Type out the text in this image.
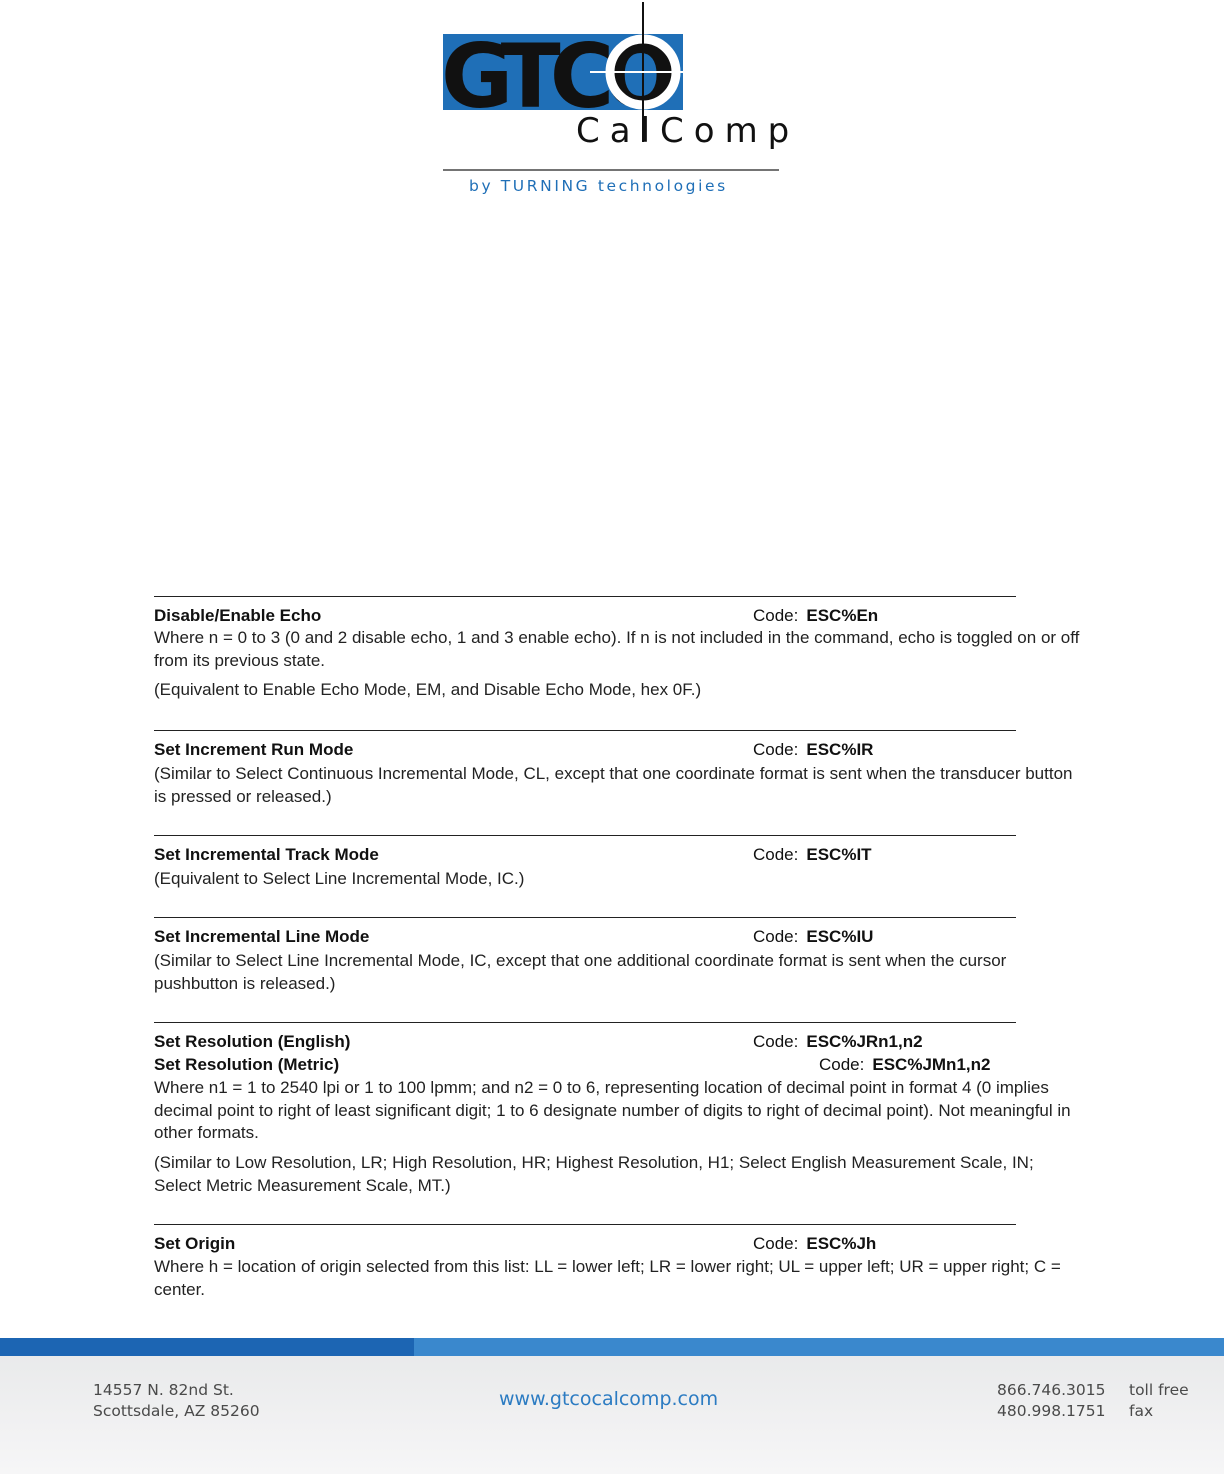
GTCO
CalComp
by TURNING technologies
Disable/Enable Echo	Code: ESC%En
Where n = 0 to 3 (0 and 2 disable echo, 1 and 3 enable echo). If n is not included in the command, echo is toggled on or off from its previous state.
(Equivalent to Enable Echo Mode, EM, and Disable Echo Mode, hex 0F.)
Set Increment Run Mode	Code: ESC%IR
(Similar to Select Continuous Incremental Mode, CL, except that one coordinate format is sent when the transducer button is pressed or released.)
Set Incremental Track Mode	Code: ESC%IT
(Equivalent to Select Line Incremental Mode, IC.)
Set Incremental Line Mode	Code: ESC%IU
(Similar to Select Line Incremental Mode, IC, except that one additional coordinate format is sent when the cursor pushbutton is released.)
Set Resolution (English)	Code: ESC%JRn1,n2
Set Resolution (Metric)	Code: ESC%JMn1,n2
Where n1 = 1 to 2540 lpi or 1 to 100 lpmm; and n2 = 0 to 6, representing location of decimal point in format 4 (0 implies decimal point to right of least significant digit; 1 to 6 designate number of digits to right of decimal point). Not meaningful in other formats.
(Similar to Low Resolution, LR; High Resolution, HR; Highest Resolution, H1; Select English Measurement Scale, IN; Select Metric Measurement Scale, MT.)
Set Origin	Code: ESC%Jh
Where h = location of origin selected from this list: LL = lower left; LR = lower right; UL = upper left; UR = upper right; C = center.
14557 N. 82nd St.
Scottsdale, AZ 85260
www.gtcocalcomp.com	866.746.3015
480.998.1751
toll free
fax
